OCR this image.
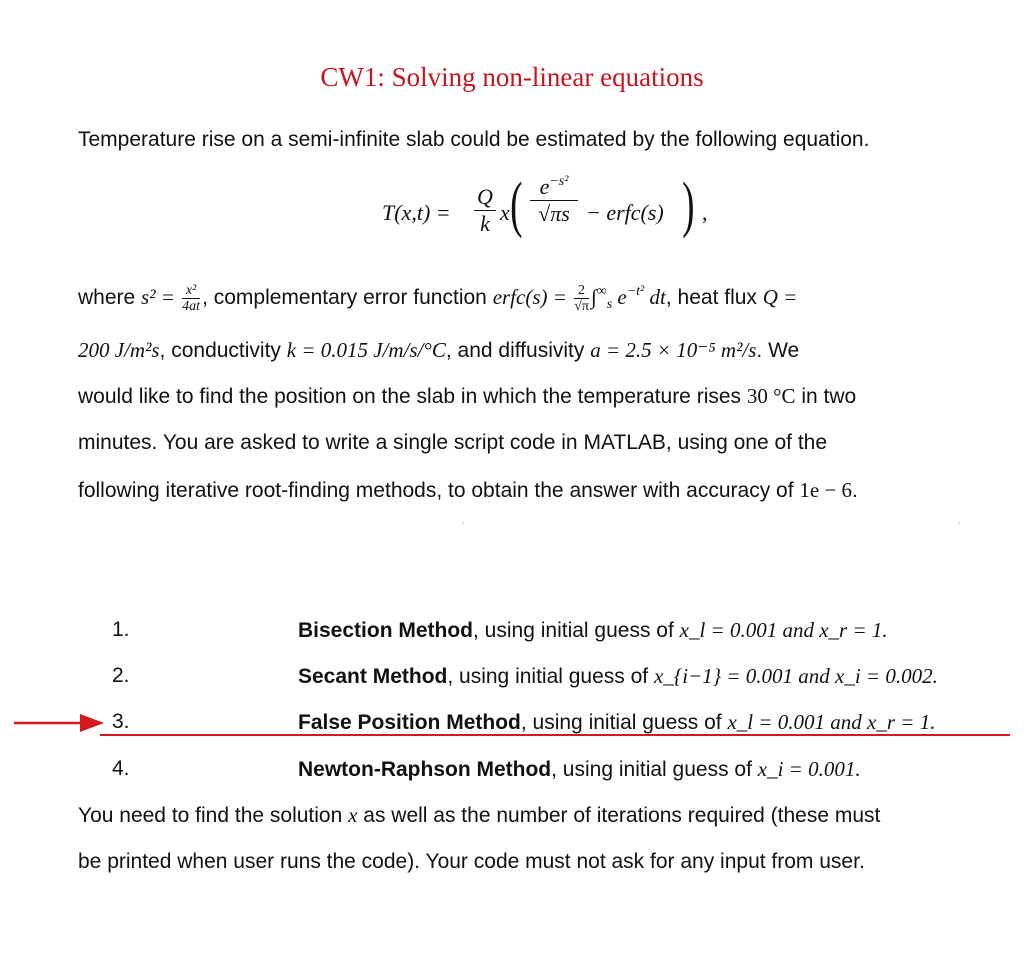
CW1: Solving non-linear equations
Temperature rise on a semi-infinite slab could be estimated by the following equation.
$T(x,t) = \frac{Q}{k}$ x ( $\frac{e^{-s^2}}{√\pi s}$ − erfc(s) ) ,
where $s^2 = \frac{\text{x²}}{4at}$, complementary error function erfc(s) = $\frac{2}{√\pi}\int^\infty_s$ $e^{-t^2}$ dt, heat flux Q =
200 J/m²s, conductivity k = 0.015 J/m/s/°C, and diffusivity a = 2.5 × 10⁻⁵ m²/s. We
would like to find the position on the slab in which the temperature rises 30 °C in two
minutes. You are asked to write a single script code in MATLAB, using one of the
following iterative root-finding methods, to obtain the answer with accuracy of 1e − 6.
1.	Bisection Method, using initial guess of x_l = 0.001 and x_r = 1.
2.	Secant Method, using initial guess of x_{i−1} = 0.001 and x_i = 0.002.
3.	False Position Method, using initial guess of x_l = 0.001 and x_r = 1.
4.	Newton-Raphson Method, using initial guess of x_i = 0.001.
You need to find the solution x as well as the number of iterations required (these must
be printed when user runs the code). Your code must not ask for any input from user.
